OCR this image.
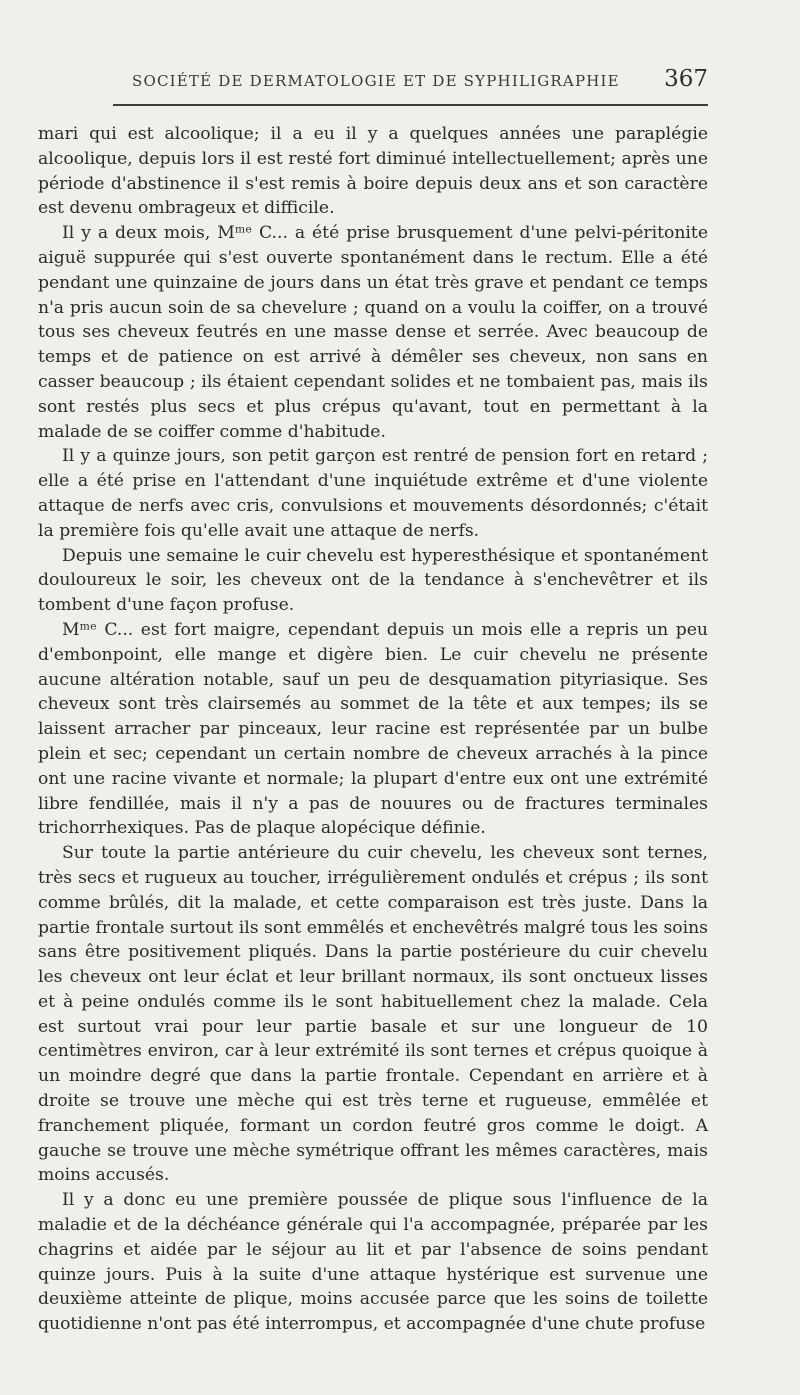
SOCIÉTÉ DE DERMATOLOGIE ET DE SYPHILIGRAPHIE 367

mari qui est alcoolique; il a eu il y a quelques années une paraplégie alcoolique, depuis lors il est resté fort diminué intellectuellement; après une période d'abstinence il s'est remis à boire depuis deux ans et son caractère est devenu ombrageux et difficile.

Il y a deux mois, Mᵐᵉ C... a été prise brusquement d'une pelvi-péritonite aiguë suppurée qui s'est ouverte spontanément dans le rectum. Elle a été pendant une quinzaine de jours dans un état très grave et pendant ce temps n'a pris aucun soin de sa chevelure ; quand on a voulu la coiffer, on a trouvé tous ses cheveux feutrés en une masse dense et serrée. Avec beaucoup de temps et de patience on est arrivé à démêler ses cheveux, non sans en casser beaucoup ; ils étaient cependant solides et ne tombaient pas, mais ils sont restés plus secs et plus crépus qu'avant, tout en permettant à la malade de se coiffer comme d'habitude.

Il y a quinze jours, son petit garçon est rentré de pension fort en retard ; elle a été prise en l'attendant d'une inquiétude extrême et d'une violente attaque de nerfs avec cris, convulsions et mouvements désordonnés; c'était la première fois qu'elle avait une attaque de nerfs.

Depuis une semaine le cuir chevelu est hyperesthésique et spontanément douloureux le soir, les cheveux ont de la tendance à s'enchevêtrer et ils tombent d'une façon profuse.

Mᵐᵉ C... est fort maigre, cependant depuis un mois elle a repris un peu d'embonpoint, elle mange et digère bien. Le cuir chevelu ne présente aucune altération notable, sauf un peu de desquamation pityriasique. Ses cheveux sont très clairsemés au sommet de la tête et aux tempes; ils se laissent arracher par pinceaux, leur racine est représentée par un bulbe plein et sec; cependant un certain nombre de cheveux arrachés à la pince ont une racine vivante et normale; la plupart d'entre eux ont une extrémité libre fendillée, mais il n'y a pas de nouures ou de fractures terminales trichorrhexiques. Pas de plaque alopécique définie.

Sur toute la partie antérieure du cuir chevelu, les cheveux sont ternes, très secs et rugueux au toucher, irrégulièrement ondulés et crépus ; ils sont comme brûlés, dit la malade, et cette comparaison est très juste. Dans la partie frontale surtout ils sont emmêlés et enchevêtrés malgré tous les soins sans être positivement pliqués. Dans la partie postérieure du cuir chevelu les cheveux ont leur éclat et leur brillant normaux, ils sont onctueux lisses et à peine ondulés comme ils le sont habituellement chez la malade. Cela est surtout vrai pour leur partie basale et sur une longueur de 10 centimètres environ, car à leur extrémité ils sont ternes et crépus quoique à un moindre degré que dans la partie frontale. Cependant en arrière et à droite se trouve une mèche qui est très terne et rugueuse, emmêlée et franchement pliquée, formant un cordon feutré gros comme le doigt. A gauche se trouve une mèche symétrique offrant les mêmes caractères, mais moins accusés.

Il y a donc eu une première poussée de plique sous l'influence de la maladie et de la déchéance générale qui l'a accompagnée, préparée par les chagrins et aidée par le séjour au lit et par l'absence de soins pendant quinze jours. Puis à la suite d'une attaque hystérique est survenue une deuxième atteinte de plique, moins accusée parce que les soins de toilette quotidienne n'ont pas été interrompus, et accompagnée d'une chute profuse
